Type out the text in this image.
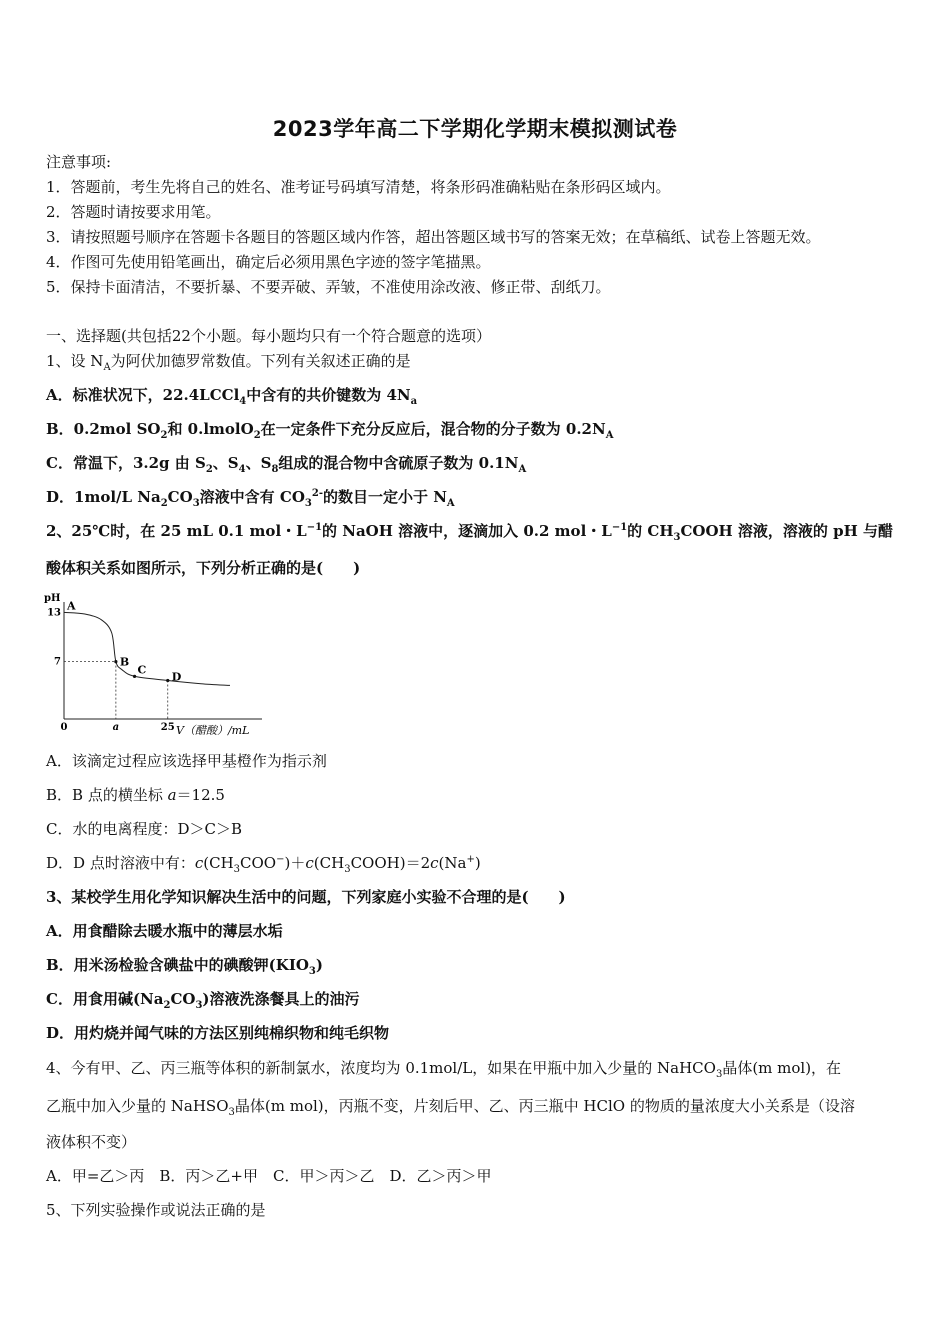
2023学年高二下学期化学期末模拟测试卷
注意事项:
1．答题前，考生先将自己的姓名、准考证号码填写清楚，将条形码准确粘贴在条形码区域内。
2．答题时请按要求用笔。
3．请按照题号顺序在答题卡各题目的答题区域内作答，超出答题区域书写的答案无效；在草稿纸、试卷上答题无效。
4．作图可先使用铅笔画出，确定后必须用黑色字迹的签字笔描黑。
5．保持卡面清洁，不要折暴、不要弄破、弄皱，不准使用涂改液、修正带、刮纸刀。
一、选择题(共包括22个小题。每小题均只有一个符合题意的选项）
1、设 $N_A$为阿伏加德罗常数值。下列有关叙述正确的是
A．标准状况下，22.4LCCl$_4$中含有的共价键数为 $4N_a$
B．0.2mol $SO_2$和 0.lmolO$_2$在一定条件下充分反应后，混合物的分子数为 $0.2N_A$
C．常温下，3.2g 由 $S_2$、$S_4$、$S_8$组成的混合物中含硫原子数为 $0.1N_A$
D．1mol/L $Na_2CO_3$溶液中含有 $CO_3^{2-}$的数目一定小于 $N_A$
2、25℃时，在 25 mL 0.1 mol・$L^{-1}$的 NaOH 溶液中，逐滴加入 0.2 mol・$L^{-1}$的 $CH_3COOH$ 溶液，溶液的 pH 与醋
酸体积关系如图所示，下列分析正确的是(　　)
7
13
0	a	25
A
B
C
D
pH
V（醋酸）/mL
A．该滴定过程应该选择甲基橙作为指示剂
B．B 点的横坐标 a＝12.5
C．水的电离程度：D＞C＞B
D．D 点时溶液中有：$c(CH_3COO^-)+c(CH_3COOH)=2c(Na^+)$
3、某校学生用化学知识解决生活中的问题，下列家庭小实验不合理的是(　　)
A．用食醋除去暖水瓶中的薄层水垢
B．用米汤检验含碘盐中的碘酸钾$(KIO_3)$
C．用食用碱$(Na_2CO_3)$溶液洗涤餐具上的油污
D．用灼烧并闻气味的方法区别纯棉织物和纯毛织物
4、今有甲、乙、丙三瓶等体积的新制氯水，浓度均为 0.1mol/L，如果在甲瓶中加入少量的 NaHCO$_3$晶体(m mol)，在
乙瓶中加入少量的 NaHSO$_3$晶体(m mol)，丙瓶不变，片刻后甲、乙、丙三瓶中 HClO 的物质的量浓度大小关系是（设溶
液体积不变）
A．甲=乙＞丙　B．丙＞乙+甲　C．甲＞丙＞乙　D．乙＞丙＞甲
5、下列实验操作或说法正确的是
